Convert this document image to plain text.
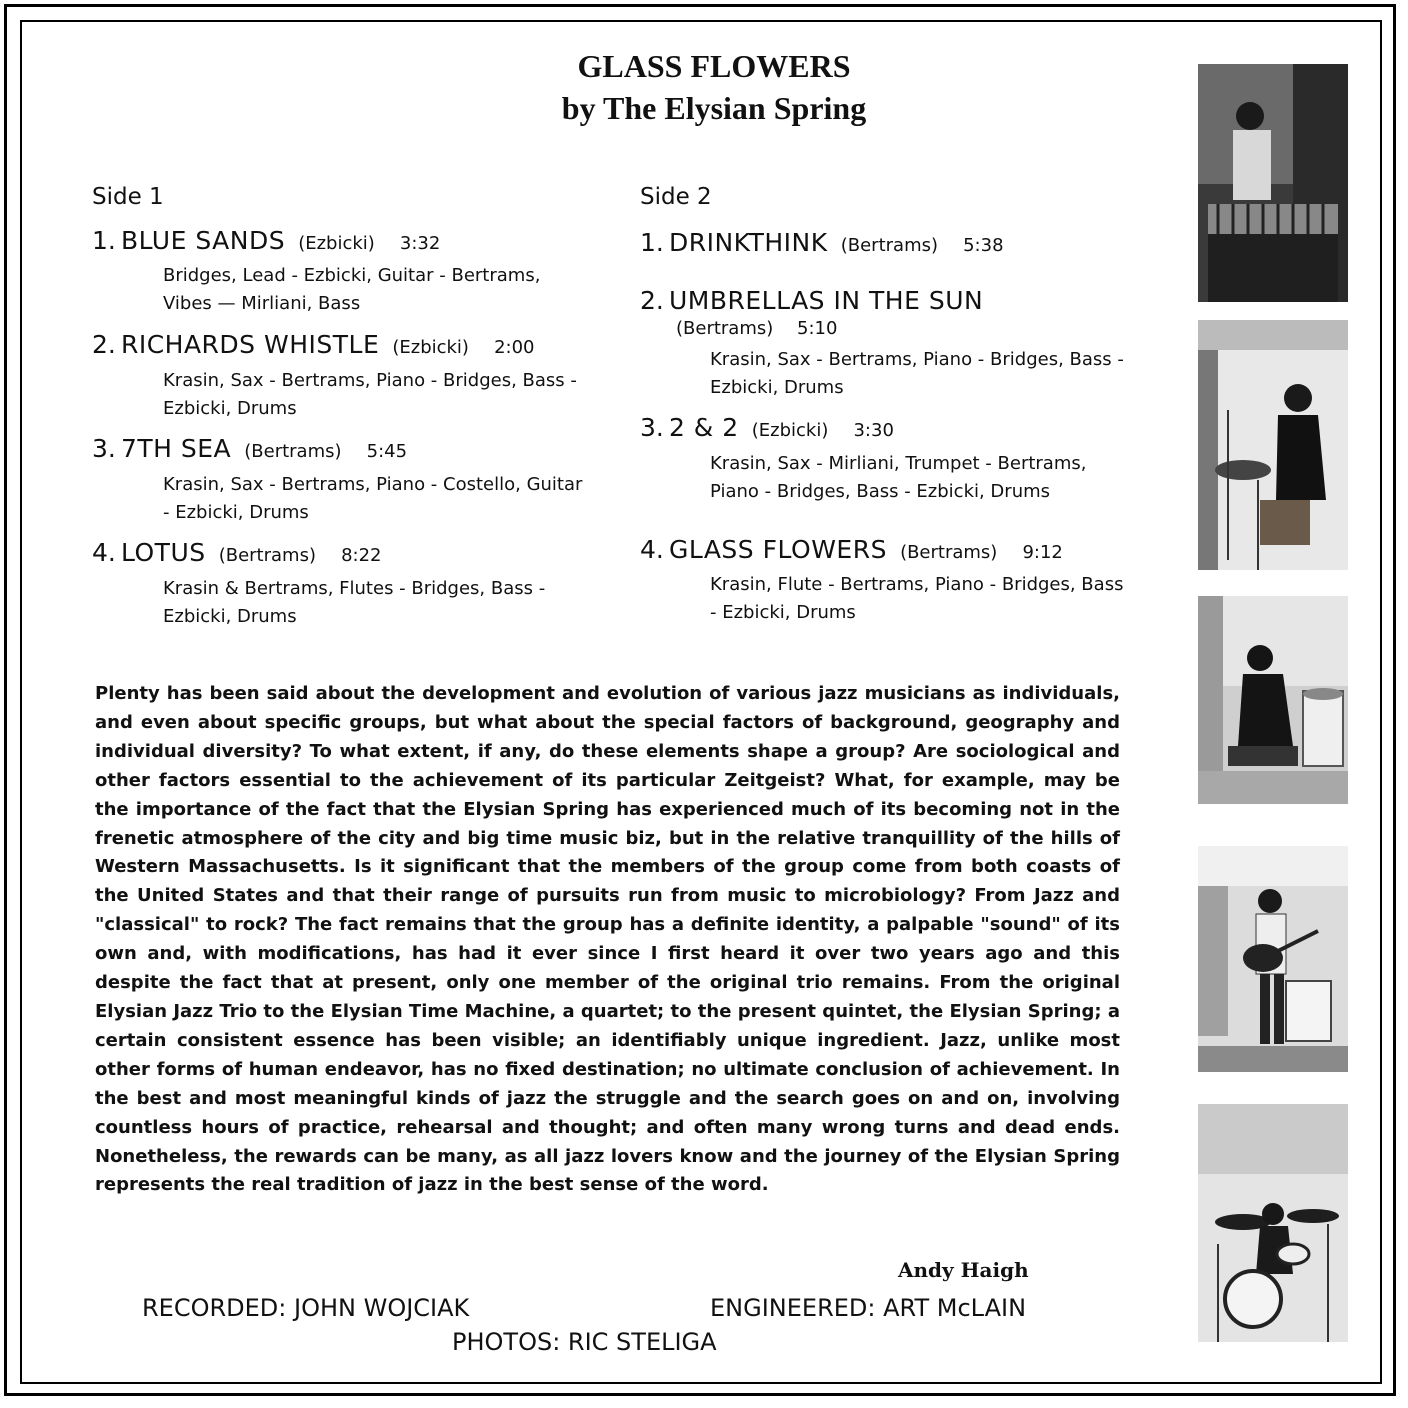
GLASS FLOWERS
by The Elysian Spring
Side 1
1. BLUE SANDS (Ezbicki) 3:32
Bridges, Lead - Ezbicki, Guitar - Bertrams, Vibes — Mirliani, Bass
2. RICHARDS WHISTLE (Ezbicki) 2:00
Krasin, Sax - Bertrams, Piano - Bridges, Bass - Ezbicki, Drums
3. 7TH SEA (Bertrams) 5:45
Krasin, Sax - Bertrams, Piano - Costello, Guitar - Ezbicki, Drums
4. LOTUS (Bertrams) 8:22
Krasin & Bertrams, Flutes - Bridges, Bass - Ezbicki, Drums
Side 2
1. DRINKTHINK (Bertrams) 5:38
2. UMBRELLAS IN THE SUN
(Bertrams) 5:10
Krasin, Sax - Bertrams, Piano - Bridges, Bass - Ezbicki, Drums
3. 2 & 2 (Ezbicki) 3:30
Krasin, Sax - Mirliani, Trumpet - Bertrams, Piano - Bridges, Bass - Ezbicki, Drums
4. GLASS FLOWERS (Bertrams) 9:12
Krasin, Flute - Bertrams, Piano - Bridges, Bass - Ezbicki, Drums
Plenty has been said about the development and evolution of various jazz musicians as individuals, and even about specific groups, but what about the special factors of background, geography and individual diversity? To what extent, if any, do these elements shape a group? Are sociological and other factors essential to the achievement of its particular Zeitgeist? What, for example, may be the importance of the fact that the Elysian Spring has experienced much of its becoming not in the frenetic atmosphere of the city and big time music biz, but in the relative tranquillity of the hills of Western Massachusetts. Is it significant that the members of the group come from both coasts of the United States and that their range of pursuits run from music to microbiology? From Jazz and "classical" to rock? The fact remains that the group has a definite identity, a palpable "sound" of its own and, with modifications, has had it ever since I first heard it over two years ago and this despite the fact that at present, only one member of the original trio remains. From the original Elysian Jazz Trio to the Elysian Time Machine, a quartet; to the present quintet, the Elysian Spring; a certain consistent essence has been visible; an identifiably unique ingredient. Jazz, unlike most other forms of human endeavor, has no fixed destination; no ultimate conclusion of achievement. In the best and most meaningful kinds of jazz the struggle and the search goes on and on, involving countless hours of practice, rehearsal and thought; and often many wrong turns and dead ends. Nonetheless, the rewards can be many, as all jazz lovers know and the journey of the Elysian Spring represents the real tradition of jazz in the best sense of the word.
Andy Haigh
RECORDED: JOHN WOJCIAK	ENGINEERED: ART McLAIN
PHOTOS: RIC STELIGA
